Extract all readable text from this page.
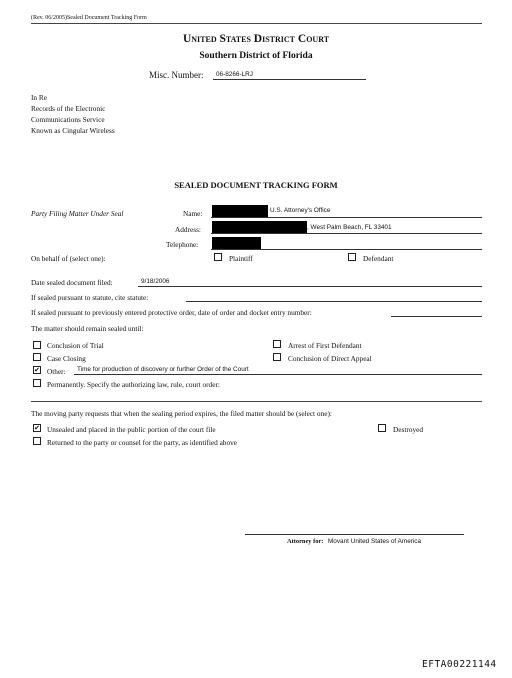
(Rev. 06/2005)Sealed Document Tracking Form
United States District Court
Southern District of Florida
Misc. Number: 06-8266-LRJ
In Re
Records of the Electronic
Communications Service
Known as Cingular Wireless
SEALED DOCUMENT TRACKING FORM
Party Filing Matter Under Seal	Name:	U.S. Attorney's Office
Address:	, West Palm Beach, FL 33401
Telephone:
On behalf of (select one):	Plaintiff	Defendant
Date sealed document filed:	9/18/2006
If sealed pursuant to statute, cite statute:
If sealed pursuant to previously entered protective order, date of order and docket entry number:
The matter should remain sealed until:
Conclusion of Trial	Arrest of First Defendant
Case Closing	Conclusion of Direct Appeal
✔ Other: Time for production of discovery or further Order of the Court
Permanently. Specify the authorizing law, rule, court order:
The moving party requests that when the sealing period expires, the filed matter should be (select one):
✔ Unsealed and placed in the public portion of the court file	Destroyed
Returned to the party or counsel for the party, as identified above
Attorney for: Movant United States of America
EFTA00221144
